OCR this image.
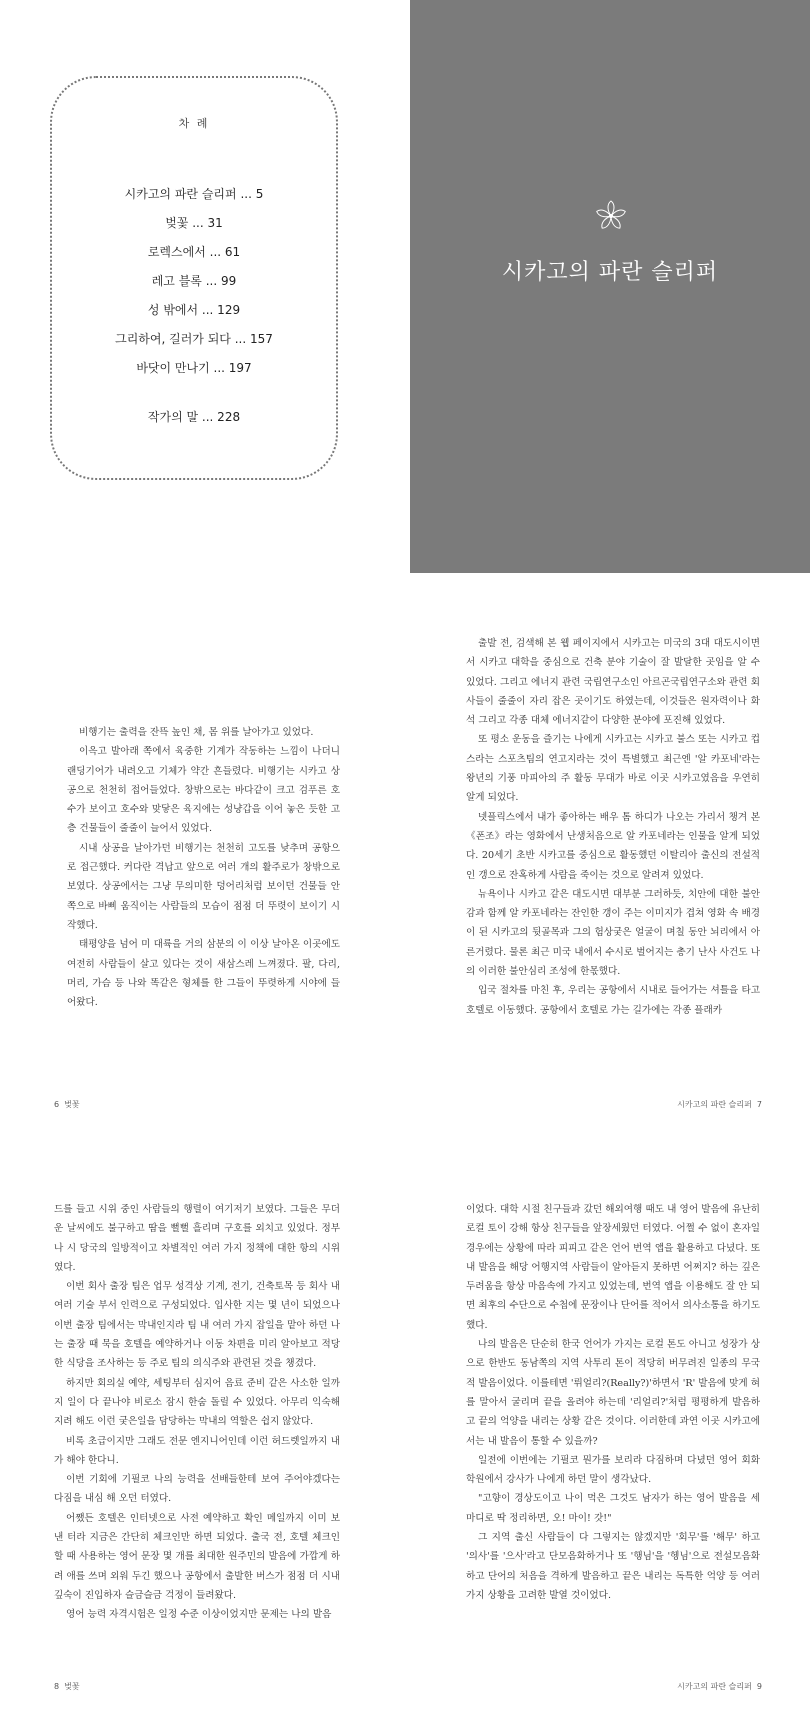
차 례
시카고의 파란 슬리퍼 ... 5
벚꽃 ... 31
로렉스에서 ... 61
레고 블록 ... 99
성 밖에서 ... 129
그리하여, 길러가 되다 ... 157
바닷이 만나기 ... 197
작가의 말 ... 228
시카고의 파란 슬리퍼
비행기는 출력을 잔뜩 높인 채, 몸 위를 날아가고 있었다.
이윽고 발아래 쪽에서 육중한 기계가 작동하는 느낌이 나더니 랜딩기어가 내려오고 기체가 약간 흔들렸다. 비행기는 시카고 상공으로 천천히 접어들었다. 창밖으로는 바다같이 크고 검푸른 호수가 보이고 호수와 맞닿은 육지에는 성냥갑을 이어 놓은 듯한 고층 건물들이 줄줄이 늘어서 있었다.
시내 상공을 날아가던 비행기는 천천히 고도를 낮추며 공항으로 접근했다. 커다란 격납고 앞으로 여러 개의 활주로가 창밖으로 보였다. 상공에서는 그냥 무의미한 덩어리처럼 보이던 건물들 안쪽으로 바삐 움직이는 사람들의 모습이 점점 더 뚜렷이 보이기 시작했다.
태평양을 넘어 미 대륙을 거의 삼분의 이 이상 날아온 이곳에도 여전히 사람들이 살고 있다는 것이 새삼스레 느껴졌다. 팔, 다리, 머리, 가슴 등 나와 똑같은 형체를 한 그들이 뚜렷하게 시야에 들어왔다.
6 벚꽃
출발 전, 검색해 본 웹 페이지에서 시카고는 미국의 3대 대도시이면서 시카고 대학을 중심으로 건축 분야 기술이 잘 발달한 곳임을 알 수 있었다. 그리고 에너지 관련 국립연구소인 아르곤국립연구소와 관련 회사들이 줄줄이 자리 잡은 곳이기도 하였는데, 이것들은 원자력이나 화석 그리고 각종 대체 에너지같이 다양한 분야에 포진해 있었다.
또 평소 운동을 즐기는 나에게 시카고는 시카고 불스 또는 시카고 컵스라는 스포츠팀의 연고지라는 것이 특별했고 최근엔 '알 카포네'라는 왕년의 기풍 마피아의 주 활동 무대가 바로 이곳 시카고였음을 우연히 알게 되었다.
넷플릭스에서 내가 좋아하는 배우 톰 하디가 나오는 가리서 챙겨 본 《폰조》라는 영화에서 난생처음으로 알 카포네라는 인물을 알게 되었다. 20세기 초반 시카고를 중심으로 활동했던 이탈리아 출신의 전설적인 갱으로 잔혹하게 사람을 죽이는 것으로 알려져 있었다.
뉴욕이나 시카고 같은 대도시면 대부분 그러하듯, 치안에 대한 불안감과 함께 알 카포네라는 잔인한 갱이 주는 이미지가 겹쳐 영화 속 배경이 된 시카고의 뒷골목과 그의 험상궂은 얼굴이 며칠 동안 뇌리에서 아른거렸다. 물론 최근 미국 내에서 수시로 벌어지는 총기 난사 사건도 나의 이러한 불안심리 조성에 한몫했다.
입국 절차를 마친 후, 우리는 공항에서 시내로 들어가는 셔틀을 타고 호텔로 이동했다. 공항에서 호텔로 가는 길가에는 각종 플래카
시카고의 파란 슬리퍼 7
드를 들고 시위 중인 사람들의 행렬이 여기저기 보였다. 그들은 무더운 날씨에도 불구하고 땀을 뻘뻘 흘리며 구호를 외치고 있었다. 정부나 시 당국의 일방적이고 차별적인 여러 가지 정책에 대한 항의 시위였다.
이번 회사 출장 팀은 업무 성격상 기계, 전기, 건축토목 등 회사 내 여러 기술 부서 인력으로 구성되었다. 입사한 지는 몇 년이 되었으나 이번 출장 팀에서는 막내인지라 팀 내 여러 가지 잡일을 맡아 하던 나는 출장 때 묵을 호텔을 예약하거나 이동 차편을 미리 알아보고 적당한 식당을 조사하는 등 주로 팀의 의식주와 관련된 것을 챙겼다.
하지만 회의실 예약, 세팅부터 심지어 음료 준비 같은 사소한 일까지 일이 다 끝나야 비로소 잠시 한숨 돌릴 수 있었다. 아무리 익숙해지려 해도 이런 궂은일을 담당하는 막내의 역할은 쉽지 않았다.
비록 초급이지만 그래도 전문 엔지니어인데 이런 허드렛일까지 내가 해야 한다니.
이번 기회에 기필코 나의 능력을 선배들한테 보여 주어야겠다는 다짐을 내심 해 오던 터였다.
어쨌든 호텔은 인터넷으로 사전 예약하고 확인 메일까지 이미 보낸 터라 지금은 간단히 체크인만 하면 되었다. 출국 전, 호텔 체크인할 때 사용하는 영어 문장 몇 개를 최대한 원주민의 발음에 가깝게 하려 애를 쓰며 외워 두긴 했으나 공항에서 출발한 버스가 점점 더 시내 깊숙이 진입하자 슬금슬금 걱정이 들려왔다.
영어 능력 자격시험은 일정 수준 이상이었지만 문제는 나의 발음
8 벚꽃
이었다. 대학 시절 친구들과 갔던 해외여행 때도 내 영어 발음에 유난히 로컬 토이 강해 항상 친구들을 앞장세웠던 터였다. 어쩔 수 없이 혼자일 경우에는 상황에 따라 피피고 같은 언어 번역 앱을 활용하고 다녔다. 또 내 발음을 해당 어행지역 사람들이 알아듣지 못하면 어쩌지? 하는 깊은 두려움을 항상 마음속에 가지고 있었는데, 번역 앱을 이용해도 잘 안 되면 최후의 수단으로 수첩에 문장이나 단어를 적어서 의사소통을 하기도 했다.
나의 발음은 단순히 한국 언어가 가지는 로컬 톤도 아니고 성장가 상으로 한반도 동남쪽의 지역 사투리 톤이 적당히 버무려진 일종의 무국적 발음이었다. 이를테면 '뤼얼리?(Really?)'하면서 'R' 발음에 맞게 혀를 말아서 굴리며 끝을 올려야 하는데 '리얼리?'처럼 평평하게 발음하고 끝의 억양을 내리는 상황 같은 것이다. 이러한데 과연 이곳 시카고에서는 내 발음이 통할 수 있을까?
일전에 이번에는 기필코 뭔가를 보리라 다짐하며 다녔던 영어 회화 학원에서 강사가 나에게 하던 말이 생각났다.
"고향이 경상도이고 나이 먹은 그것도 남자가 하는 영어 발음을 세 마디로 딱 정리하면, 오! 마이! 갓!"
그 지역 출신 사람들이 다 그렇지는 않겠지만 '회무'를 '해무' 하고 '의사'를 '으사'라고 단모음화하거나 또 '행님'을 '헹님'으로 전설모음화하고 단어의 처음을 격하게 발음하고 끝은 내리는 독특한 억양 등 여러 가지 상황을 고려한 발열 것이었다.
시카고의 파란 슬리퍼 9
